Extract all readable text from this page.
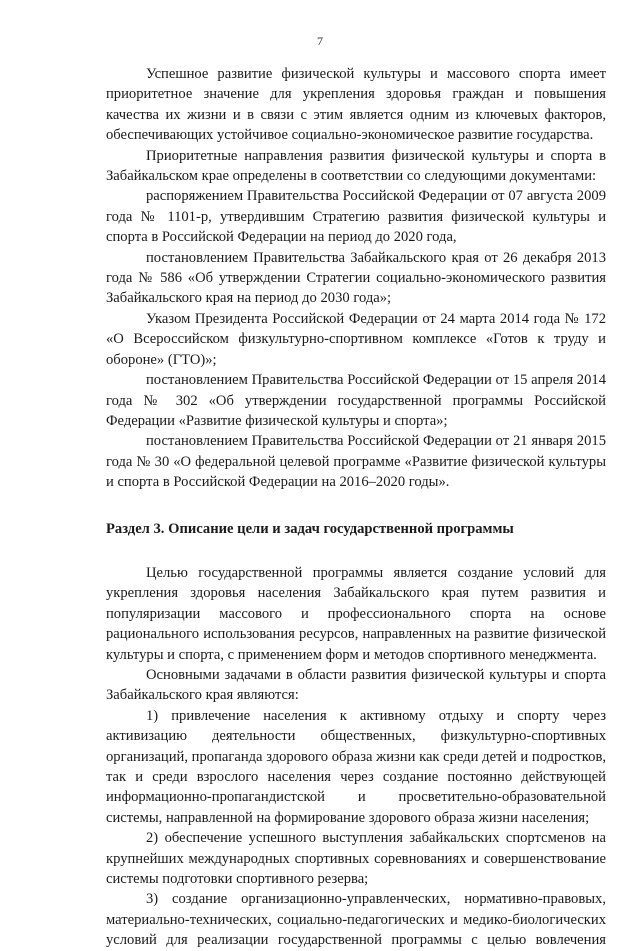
7

Успешное развитие физической культуры и массового спорта имеет приоритетное значение для укрепления здоровья граждан и повышения качества их жизни и в связи с этим является одним из ключевых факторов, обеспечивающих устойчивое социально-экономическое развитие государства.

Приоритетные направления развития физической культуры и спорта в Забайкальском крае определены в соответствии со следующими документами:

распоряжением Правительства Российской Федерации от 07 августа 2009 года № 1101-р, утвердившим Стратегию развития физической культуры и спорта в Российской Федерации на период до 2020 года,

постановлением Правительства Забайкальского края от 26 декабря 2013 года № 586 «Об утверждении Стратегии социально-экономического развития Забайкальского края на период до 2030 года»;

Указом Президента Российской Федерации от 24 марта 2014 года № 172 «О Всероссийском физкультурно-спортивном комплексе «Готов к труду и обороне» (ГТО)»;

постановлением Правительства Российской Федерации от 15 апреля 2014 года № 302 «Об утверждении государственной программы Российской Федерации «Развитие физической культуры и спорта»;

постановлением Правительства Российской Федерации от 21 января 2015 года № 30 «О федеральной целевой программе «Развитие физической культуры и спорта в Российской Федерации на 2016–2020 годы».

Раздел 3. Описание цели и задач государственной программы

Целью государственной программы является создание условий для укрепления здоровья населения Забайкальского края путем развития и популяризации массового и профессионального спорта на основе рационального использования ресурсов, направленных на развитие физической культуры и спорта, с применением форм и методов спортивного менеджмента.

Основными задачами в области развития физической культуры и спорта Забайкальского края являются:

1) привлечение населения к активному отдыху и спорту через активизацию деятельности общественных, физкультурно-спортивных организаций, пропаганда здорового образа жизни как среди детей и подростков, так и среди взрослого населения через создание постоянно действующей информационно-пропагандистской и просветительно-образовательной системы, направленной на формирование здорового образа жизни населения;

2) обеспечение успешного выступления забайкальских спортсменов на крупнейших международных спортивных соревнованиях и совершенствование системы подготовки спортивного резерва;

3) создание организационно-управленческих, нормативно-правовых, материально-технических, социально-педагогических и медико-биологических условий для реализации государственной программы с целью вовлечения
